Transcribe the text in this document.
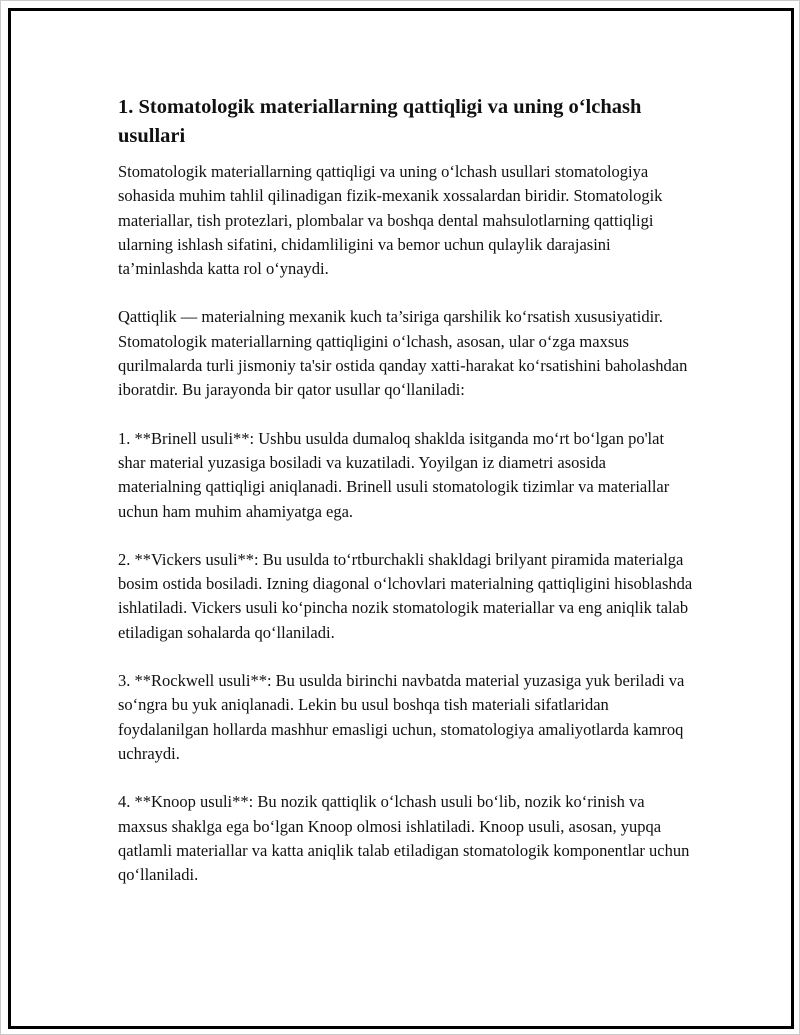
1. Stomatologik materiallarning qattiqligi va uning o‘lchash usullari

Stomatologik materiallarning qattiqligi va uning o‘lchash usullari stomatologiya sohasida muhim tahlil qilinadigan fizik-mexanik xossalardan biridir. Stomatologik materiallar, tish protezlari, plombalar va boshqa dental mahsulotlarning qattiqligi ularning ishlash sifatini, chidamliligini va bemor uchun qulaylik darajasini ta’minlashda katta rol o‘ynaydi.

Qattiqlik — materialning mexanik kuch ta’siriga qarshilik ko‘rsatish xususiyatidir. Stomatologik materiallarning qattiqligini o‘lchash, asosan, ular o‘zga maxsus qurilmalarda turli jismoniy ta'sir ostida qanday xatti-harakat ko‘rsatishini baholashdan iboratdir. Bu jarayonda bir qator usullar qo‘llaniladi:

1. **Brinell usuli**: Ushbu usulda dumaloq shaklda isitganda mo‘rt bo‘lgan po'lat shar material yuzasiga bosiladi va kuzatiladi. Yoyilgan iz diametri asosida materialning qattiqligi aniqlanadi. Brinell usuli stomatologik tizimlar va materiallar uchun ham muhim ahamiyatga ega.

2. **Vickers usuli**: Bu usulda to‘rtburchakli shakldagi brilyant piramida materialga bosim ostida bosiladi. Izning diagonal o‘lchovlari materialning qattiqligini hisoblashda ishlatiladi. Vickers usuli ko‘pincha nozik stomatologik materiallar va eng aniqlik talab etiladigan sohalarda qo‘llaniladi.

3. **Rockwell usuli**: Bu usulda birinchi navbatda material yuzasiga yuk beriladi va so‘ngra bu yuk aniqlanadi. Lekin bu usul boshqa tish materiali sifatlaridan foydalanilgan hollarda mashhur emasligi uchun, stomatologiya amaliyotlarda kamroq uchraydi.

4. **Knoop usuli**: Bu nozik qattiqlik o‘lchash usuli bo‘lib, nozik ko‘rinish va maxsus shaklga ega bo‘lgan Knoop olmosi ishlatiladi. Knoop usuli, asosan, yupqa qatlamli materiallar va katta aniqlik talab etiladigan stomatologik komponentlar uchun qo‘llaniladi.
